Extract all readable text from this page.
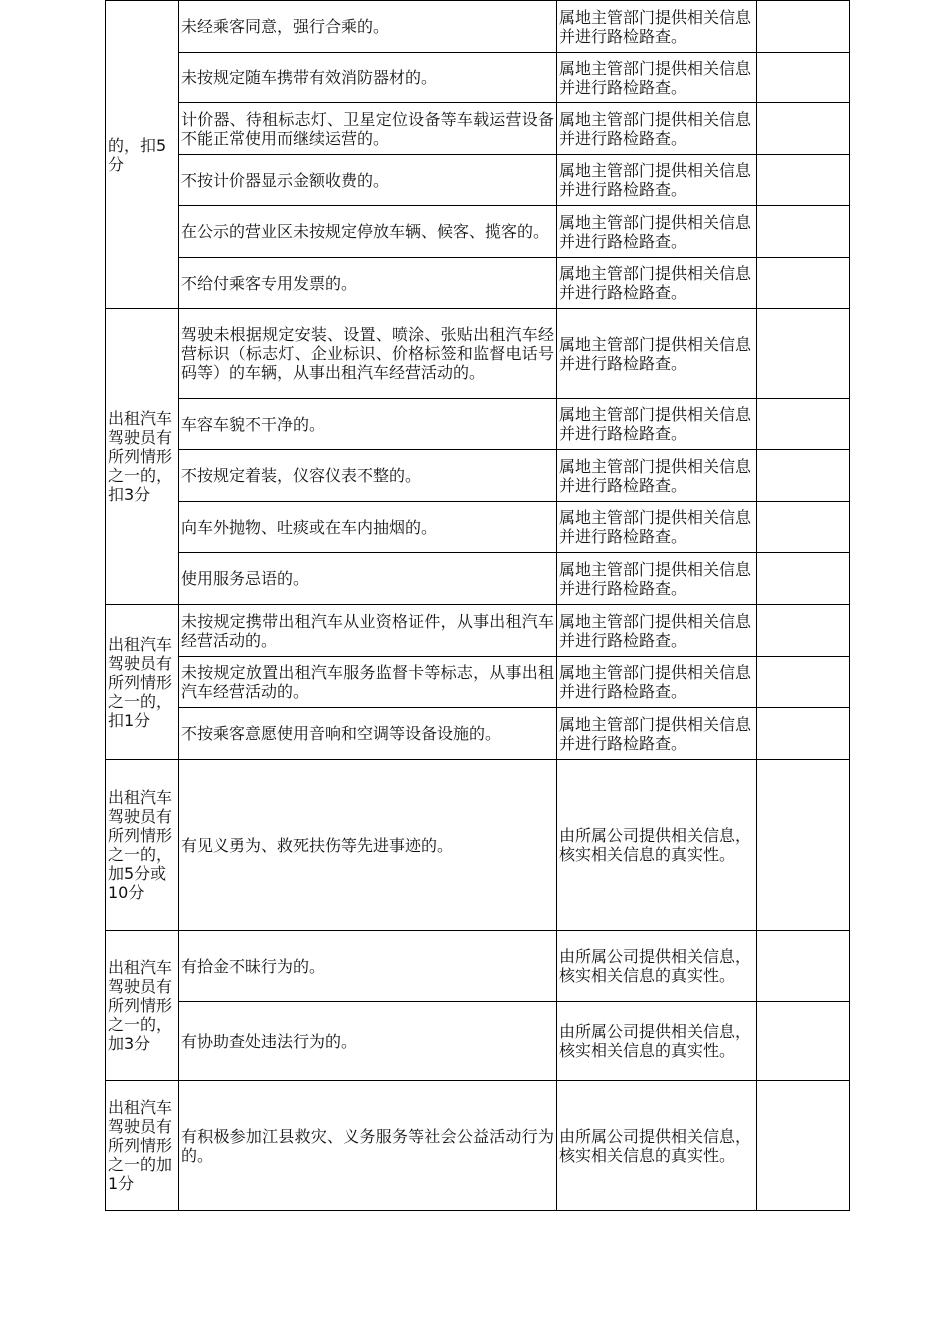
的，扣5分	未经乘客同意，强行合乘的。	属地主管部门提供相关信息并进行路检路查。	
	未按规定随车携带有效消防器材的。	属地主管部门提供相关信息并进行路检路查。	
	计价器、待租标志灯、卫星定位设备等车载运营设备不能正常使用而继续运营的。	属地主管部门提供相关信息并进行路检路查。	
	不按计价器显示金额收费的。	属地主管部门提供相关信息并进行路检路查。	
	在公示的营业区未按规定停放车辆、候客、揽客的。	属地主管部门提供相关信息并进行路检路查。	
	不给付乘客专用发票的。	属地主管部门提供相关信息并进行路检路查。	

出租汽车驾驶员有所列情形之一的，扣3分	驾驶未根据规定安装、设置、喷涂、张贴出租汽车经营标识（标志灯、企业标识、价格标签和监督电话号码等）的车辆，从事出租汽车经营活动的。	属地主管部门提供相关信息并进行路检路查。	
	车容车貌不干净的。	属地主管部门提供相关信息并进行路检路查。	
	不按规定着装，仪容仪表不整的。	属地主管部门提供相关信息并进行路检路查。	
	向车外抛物、吐痰或在车内抽烟的。	属地主管部门提供相关信息并进行路检路查。	
	使用服务忌语的。	属地主管部门提供相关信息并进行路检路查。	

出租汽车驾驶员有所列情形之一的，扣1分	未按规定携带出租汽车从业资格证件，从事出租汽车经营活动的。	属地主管部门提供相关信息并进行路检路查。	
	未按规定放置出租汽车服务监督卡等标志，从事出租汽车经营活动的。	属地主管部门提供相关信息并进行路检路查。	
	不按乘客意愿使用音响和空调等设备设施的。	属地主管部门提供相关信息并进行路检路查。	

出租汽车驾驶员有所列情形之一的，加5分或10分	有见义勇为、救死扶伤等先进事迹的。	由所属公司提供相关信息，核实相关信息的真实性。	

出租汽车驾驶员有所列情形之一的，加3分	有拾金不昧行为的。	由所属公司提供相关信息，核实相关信息的真实性。	
	有协助查处违法行为的。	由所属公司提供相关信息，核实相关信息的真实性。	

出租汽车驾驶员有所列情形之一的加1分	有积极参加江县救灾、义务服务等社会公益活动行为的。	由所属公司提供相关信息，核实相关信息的真实性。	
